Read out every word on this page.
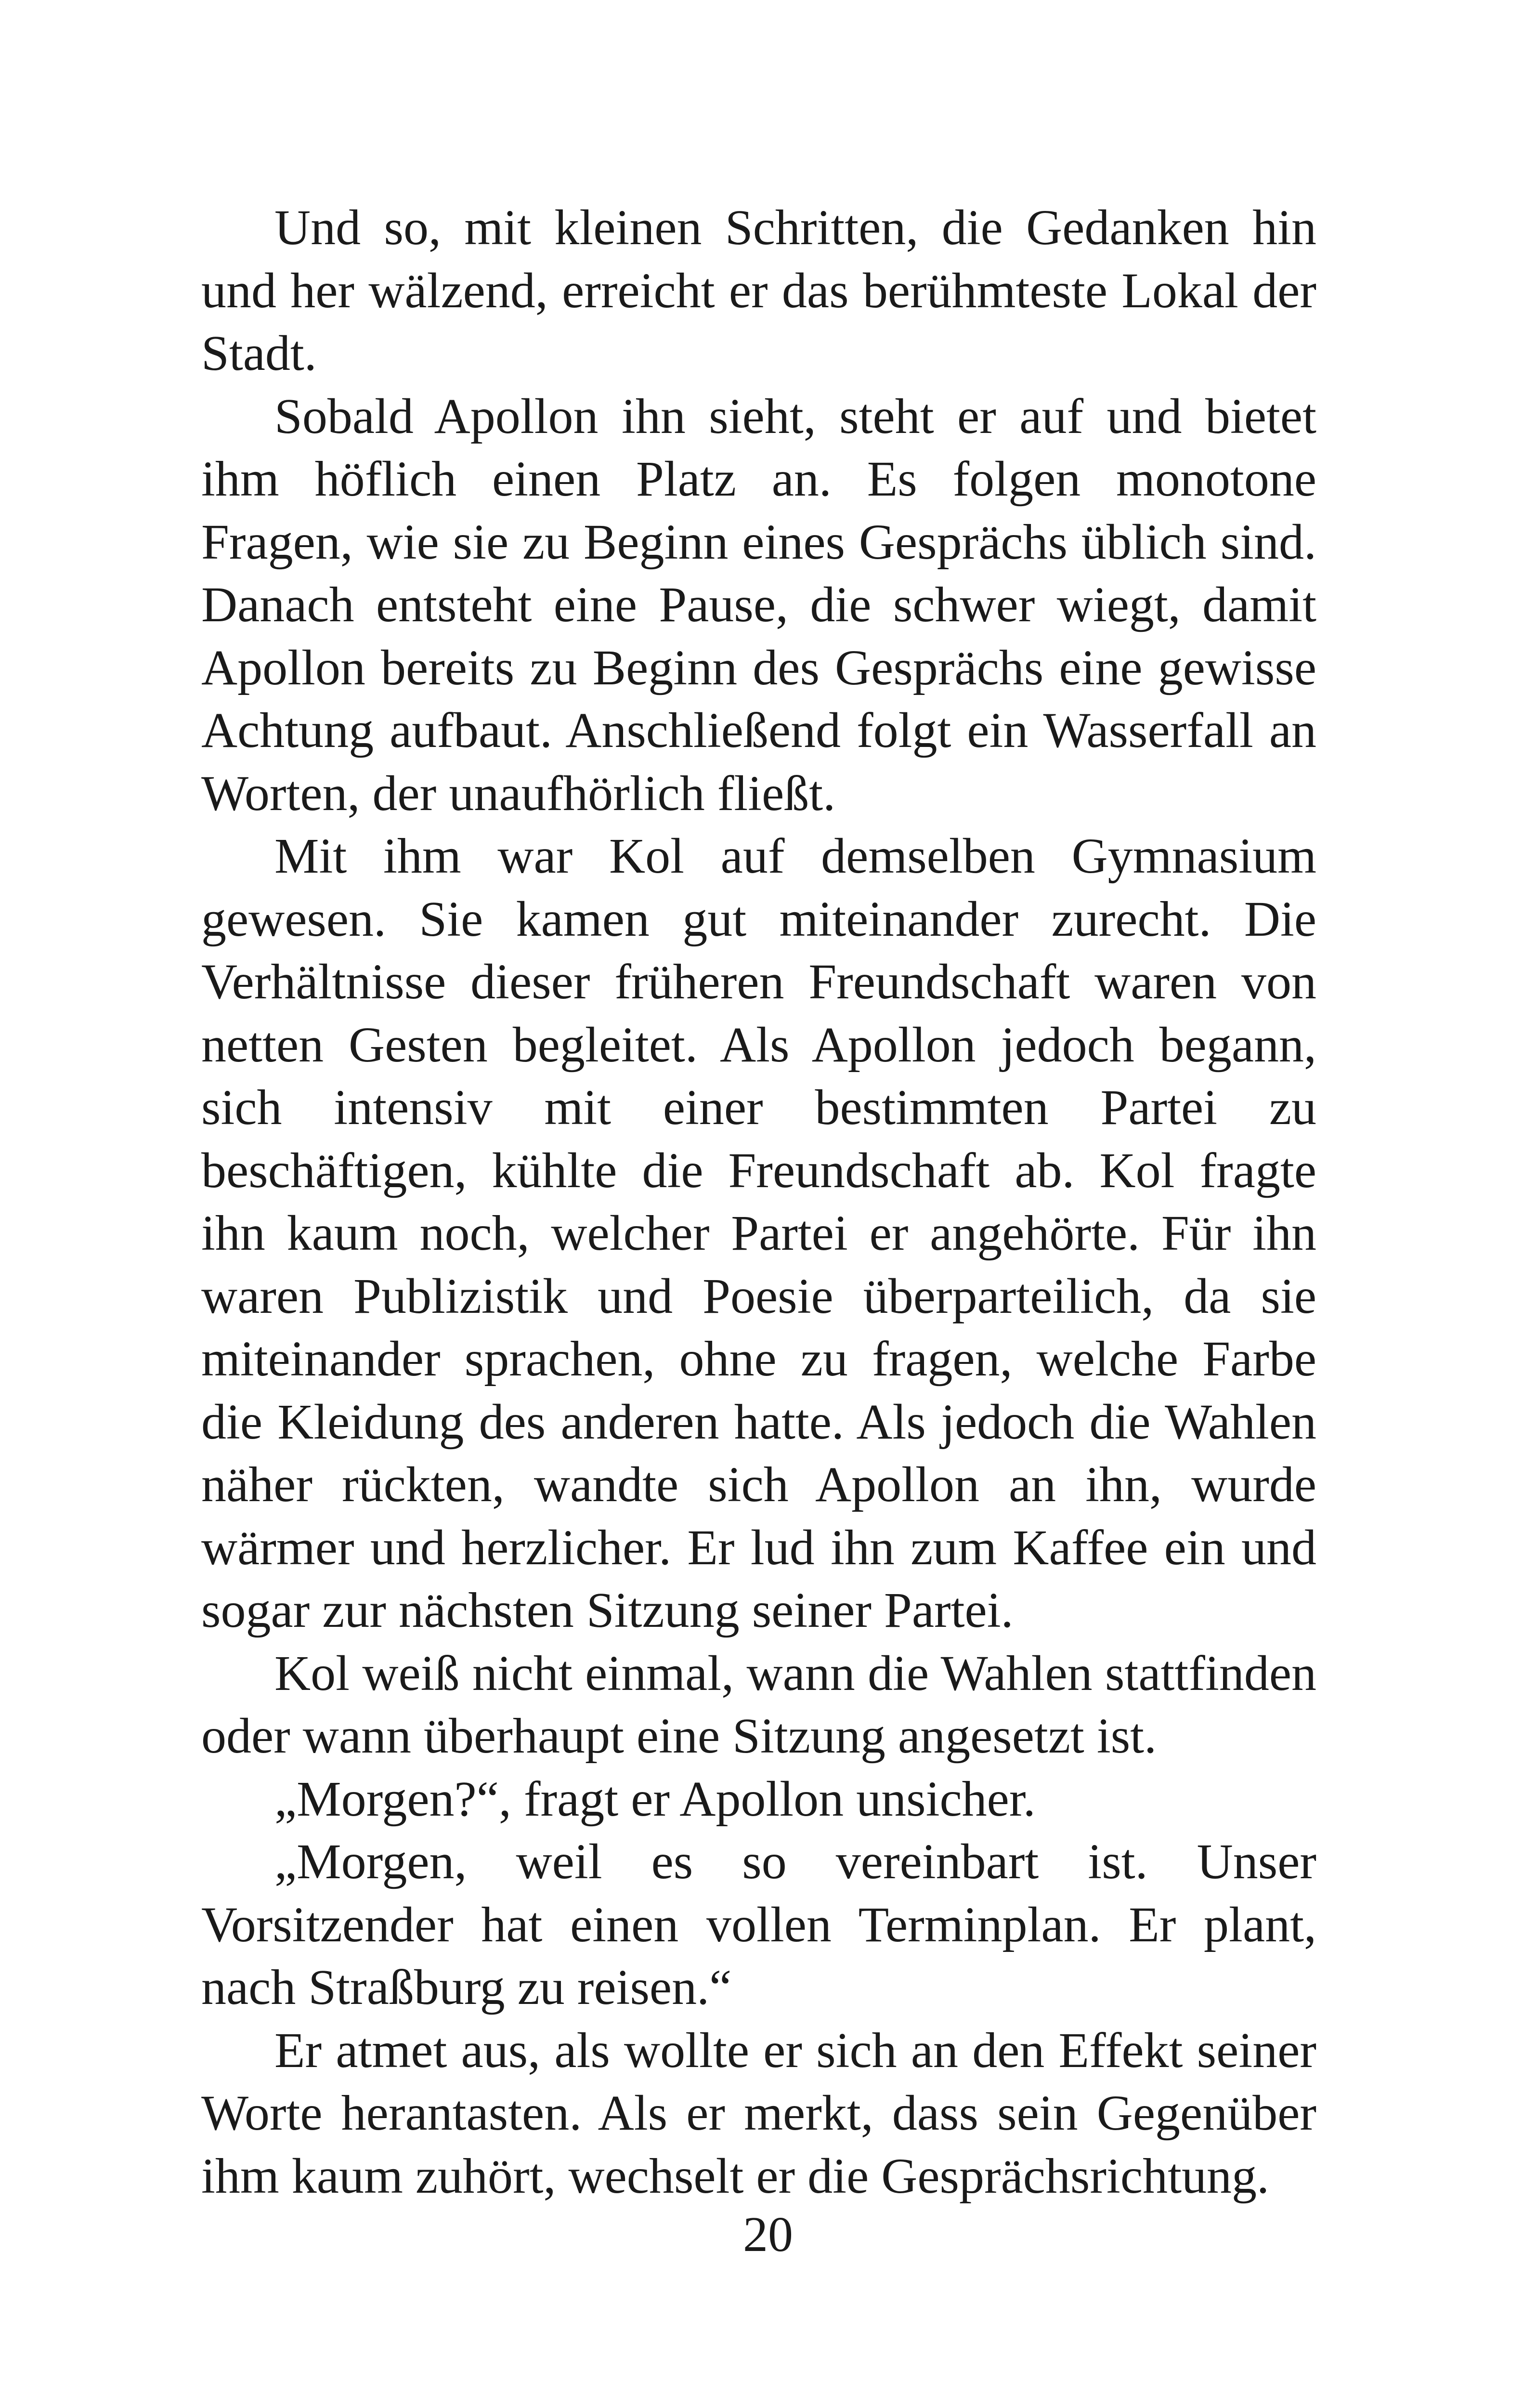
Und so, mit kleinen Schritten, die Gedanken hin und her wälzend, erreicht er das berühmteste Lokal der Stadt.

Sobald Apollon ihn sieht, steht er auf und bietet ihm höflich einen Platz an. Es folgen monotone Fragen, wie sie zu Beginn eines Gesprächs üblich sind. Danach entsteht eine Pause, die schwer wiegt, damit Apollon bereits zu Beginn des Gesprächs eine gewisse Achtung aufbaut. Anschließend folgt ein Wasserfall an Worten, der unaufhörlich fließt.

Mit ihm war Kol auf demselben Gymnasium gewesen. Sie kamen gut miteinander zurecht. Die Verhältnisse dieser früheren Freundschaft waren von netten Gesten begleitet. Als Apollon jedoch begann, sich intensiv mit einer bestimmten Partei zu beschäftigen, kühlte die Freundschaft ab. Kol fragte ihn kaum noch, welcher Partei er angehörte. Für ihn waren Publizistik und Poesie überparteilich, da sie miteinander sprachen, ohne zu fragen, welche Farbe die Kleidung des anderen hatte. Als jedoch die Wahlen näher rückten, wandte sich Apollon an ihn, wurde wärmer und herzlicher. Er lud ihn zum Kaffee ein und sogar zur nächsten Sitzung seiner Partei.

Kol weiß nicht einmal, wann die Wahlen stattfinden oder wann überhaupt eine Sitzung angesetzt ist.

„Morgen?“, fragt er Apollon unsicher.

„Morgen, weil es so vereinbart ist. Unser Vorsitzender hat einen vollen Terminplan. Er plant, nach Straßburg zu reisen.“

Er atmet aus, als wollte er sich an den Effekt seiner Worte herantasten. Als er merkt, dass sein Gegenüber ihm kaum zuhört, wechselt er die Gesprächsrichtung.

20
